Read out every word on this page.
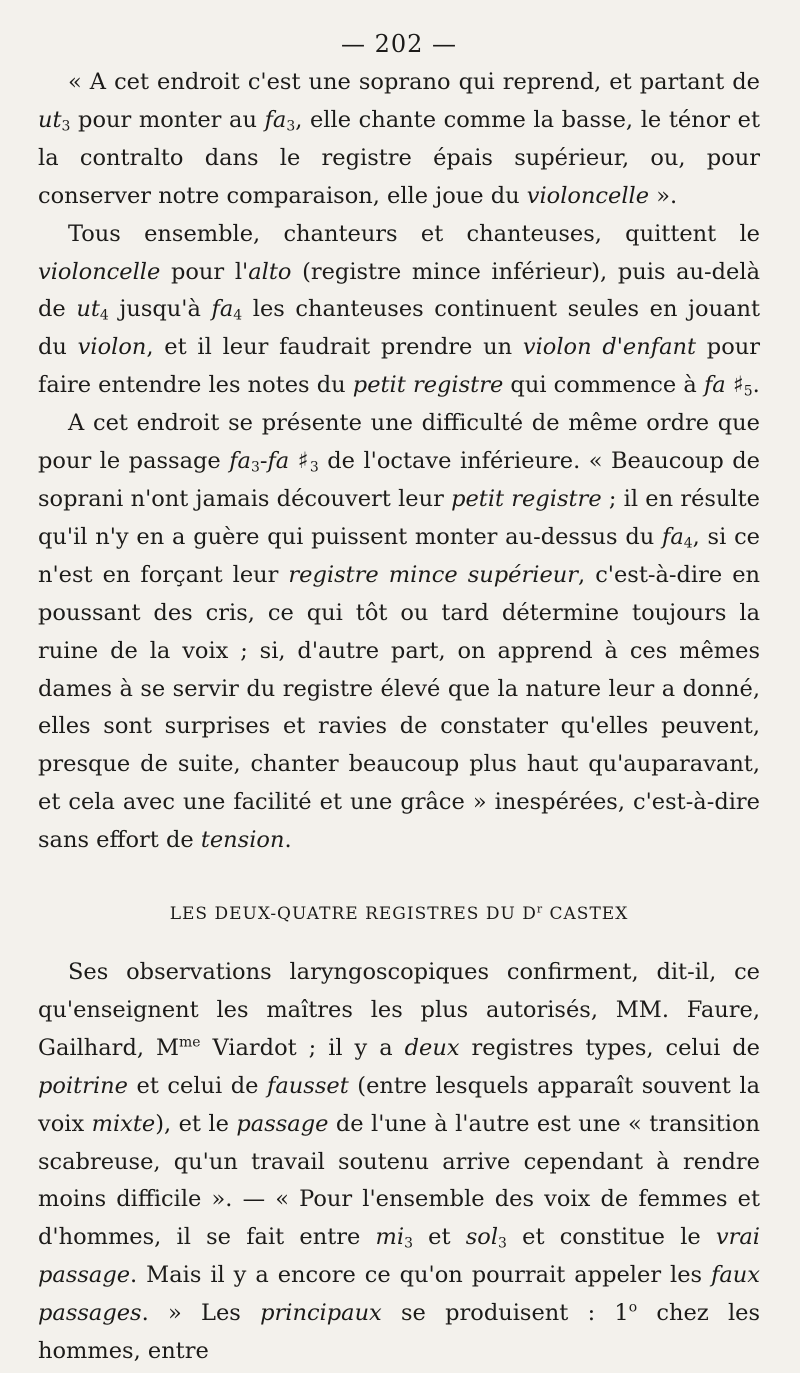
— 202 —

« A cet endroit c'est une soprano qui reprend, et partant de $ut_3$ pour monter au $fa_3$, elle chante comme la basse, le ténor et la contralto dans le registre épais supérieur, ou, pour conserver notre comparaison, elle joue du violoncelle ».

Tous ensemble, chanteurs et chanteuses, quittent le violoncelle pour l'alto (registre mince inférieur), puis au-delà de $ut_4$ jusqu'à $fa_4$ les chanteuses continuent seules en jouant du violon, et il leur faudrait prendre un violon d'enfant pour faire entendre les notes du petit registre qui commence à fa $♯_5$.

A cet endroit se présente une difficulté de même ordre que pour le passage $fa_3-fa$ $♯_3$ de l'octave inférieure. « Beaucoup de soprani n'ont jamais découvert leur petit registre ; il en résulte qu'il n'y en a guère qui puissent monter au-dessus du $fa_4$, si ce n'est en forçant leur registre mince supérieur, c'est-à-dire en poussant des cris, ce qui tôt ou tard détermine toujours la ruine de la voix ; si, d'autre part, on apprend à ces mêmes dames à se servir du registre élevé que la nature leur a donné, elles sont surprises et ravies de constater qu'elles peuvent, presque de suite, chanter beaucoup plus haut qu'auparavant, et cela avec une facilité et une grâce » inespérées, c'est-à-dire sans effort de tension.

LES DEUX-QUATRE REGISTRES DU $D^r$ CASTEX

Ses observations laryngoscopiques confirment, dit-il, ce qu'enseignent les maîtres les plus autorisés, MM. Faure, Gailhard, $M^{me}$ Viardot ; il y a deux registres types, celui de poitrine et celui de fausset (entre lesquels apparaît souvent la voix mixte), et le passage de l'une à l'autre est une « transition scabreuse, qu'un travail soutenu arrive cependant à rendre moins difficile ». — « Pour l'ensemble des voix de femmes et d'hommes, il se fait entre $mi_3$ et sol$_3$ et constitue le vrai passage. Mais il y a encore ce qu'on pourrait appeler les faux passages. » Les principaux se produisent : 1$^o$ chez les hommes, entre
